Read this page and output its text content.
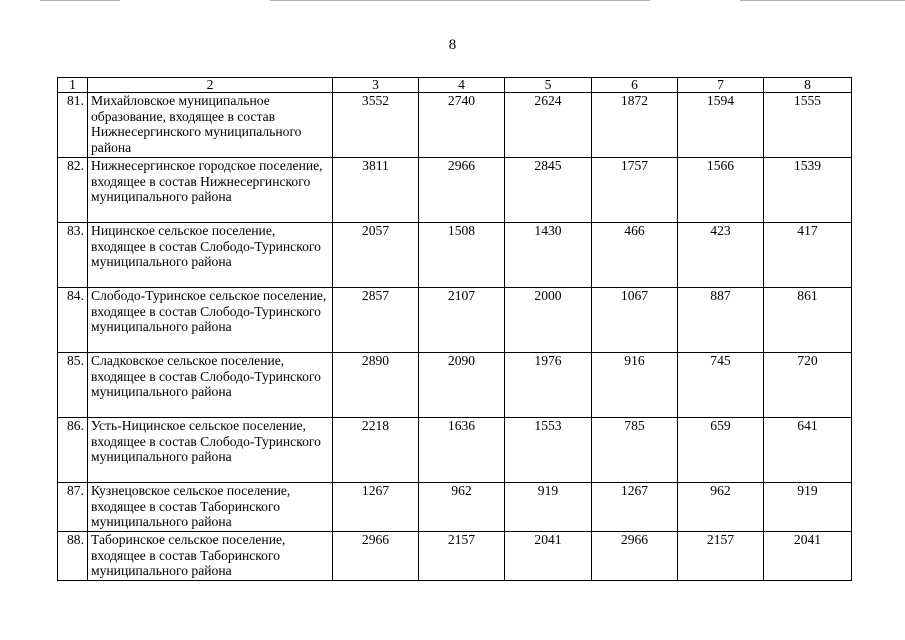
8
1	2	3	4	5	6	7	8
81.	Михайловское муниципальное образование, входящее в состав Нижнесергинского муниципального района	3552	2740	2624	1872	1594	1555
82.	Нижнесергинское городское поселение, входящее в состав Нижнесергинского муниципального района	3811	2966	2845	1757	1566	1539
83.	Ницинское сельское поселение, входящее в состав Слободо-Туринского муниципального района	2057	1508	1430	466	423	417
84.	Слободо-Туринское сельское поселение, входящее в состав Слободо-Туринского муниципального района	2857	2107	2000	1067	887	861
85.	Сладковское сельское поселение, входящее в состав Слободо-Туринского муниципального района	2890	2090	1976	916	745	720
86.	Усть-Ницинское сельское поселение, входящее в состав Слободо-Туринского муниципального района	2218	1636	1553	785	659	641
87.	Кузнецовское сельское поселение, входящее в состав Таборинского муниципального района	1267	962	919	1267	962	919
88.	Таборинское сельское поселение, входящее в состав Таборинского муниципального района	2966	2157	2041	2966	2157	2041
